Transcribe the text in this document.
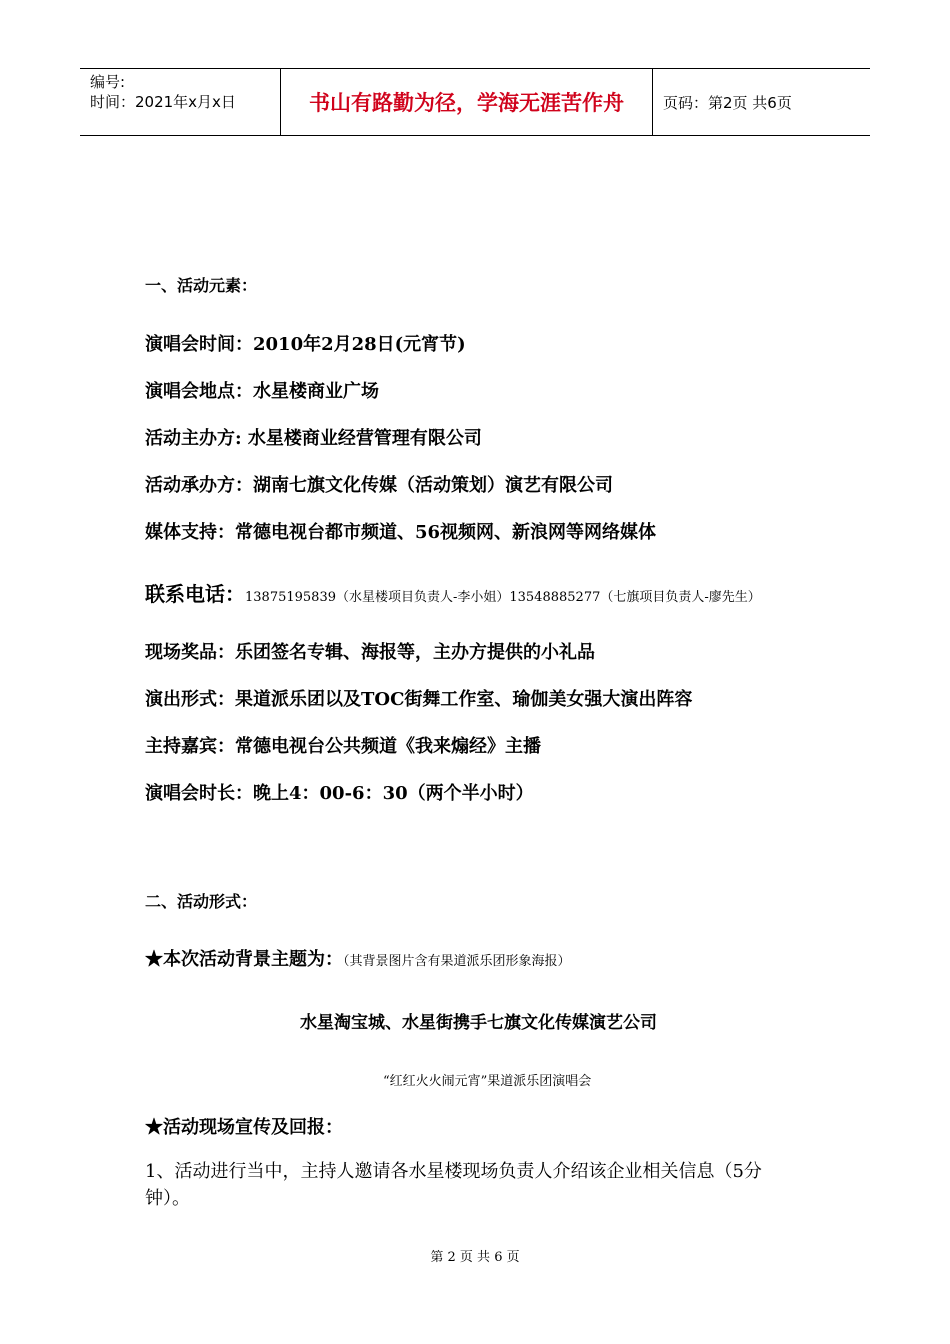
编号:
时间：2021年x月x日	书山有路勤为径，学海无涯苦作舟	页码：第2页 共6页
一、活动元素：
演唱会时间：2010年2月28日(元宵节)
演唱会地点：水星楼商业广场
活动主办方: 水星楼商业经营管理有限公司
活动承办方：湖南七旗文化传媒（活动策划）演艺有限公司
媒体支持：常德电视台都市频道、56视频网、新浪网等网络媒体
联系电话：13875195839（水星楼项目负责人-李小姐）13548885277（七旗项目负责人-廖先生）
现场奖品：乐团签名专辑、海报等，主办方提供的小礼品
演出形式：果道派乐团以及TOC街舞工作室、瑜伽美女强大演出阵容
主持嘉宾：常德电视台公共频道《我来煽经》主播
演唱会时长：晚上4：00-6：30（两个半小时）
二、活动形式：
★本次活动背景主题为：（其背景图片含有果道派乐团形象海报）
水星淘宝城、水星街携手七旗文化传媒演艺公司
“红红火火闹元宵”果道派乐团演唱会
★活动现场宣传及回报：
1、活动进行当中，主持人邀请各水星楼现场负责人介绍该企业相关信息（5分钟）。
第 2 页 共 6 页
